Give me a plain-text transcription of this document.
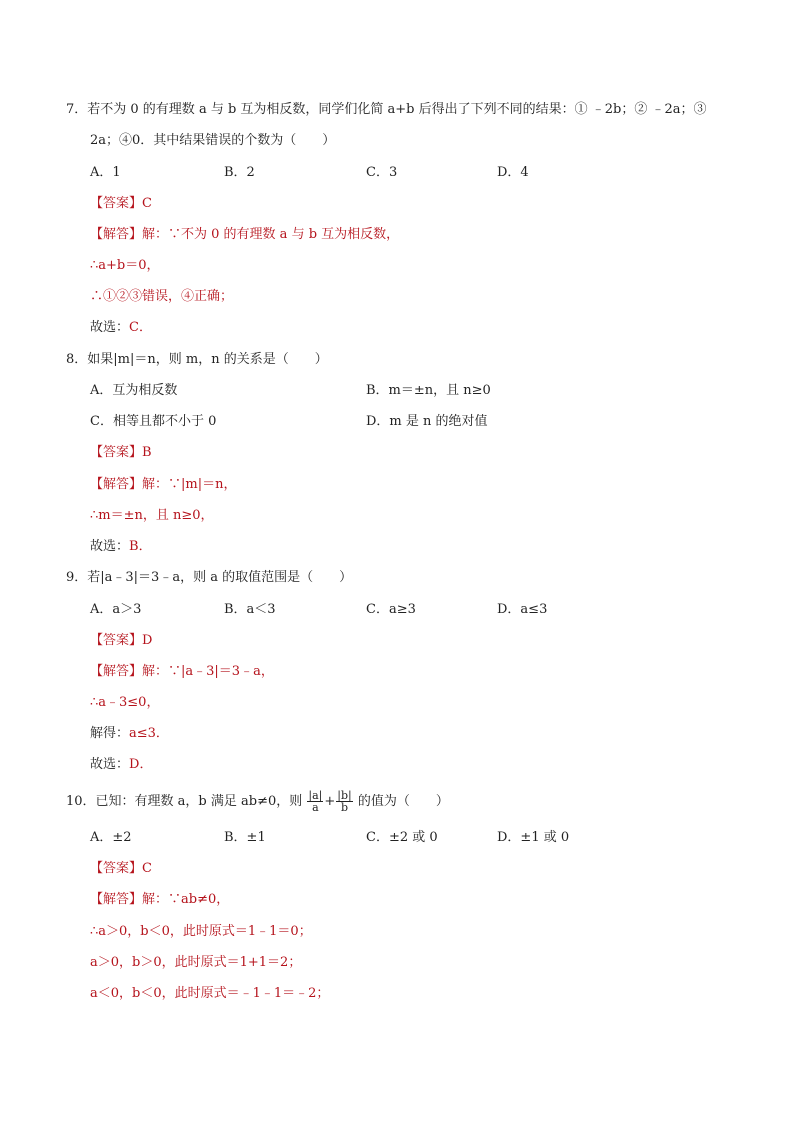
7．若不为 0 的有理数 a 与 b 互为相反数，同学们化简 a+b 后得出了下列不同的结果：① ﹣2b；② ﹣2a；③
2a；④0．其中结果错误的个数为（　　）
A．1	B．2	C．3	D．4
【答案】C
【解答】解：∵不为 0 的有理数 a 与 b 互为相反数，
∴a+b＝0，
∴①②③错误，④正确；
故选：C．
8．如果|m|＝n，则 m，n 的关系是（　　）
A．互为相反数	B．m＝±n，且 n≥0
C．相等且都不小于 0	D．m 是 n 的绝对值
【答案】B
【解答】解：∵|m|＝n，
∴m＝±n，且 n≥0，
故选：B．
9．若|a﹣3|＝3﹣a，则 a 的取值范围是（　　）
A．a＞3	B．a＜3	C．a≥3	D．a≤3
【答案】D
【解答】解：∵|a﹣3|＝3﹣a，
∴a﹣3≤0，
解得：a≤3．
故选：D．
10．已知：有理数 a，b 满足 ab≠0，则 $\frac{|a|}{a} + \frac{|b|}{b}$ 的值为（　　）
A．±2	B．±1	C．±2 或 0	D．±1 或 0
【答案】C
【解答】解：∵ab≠0，
∴a＞0，b＜0，此时原式＝1﹣1＝0；
a＞0，b＞0，此时原式＝1+1＝2；
a＜0，b＜0，此时原式＝﹣1﹣1＝﹣2；
